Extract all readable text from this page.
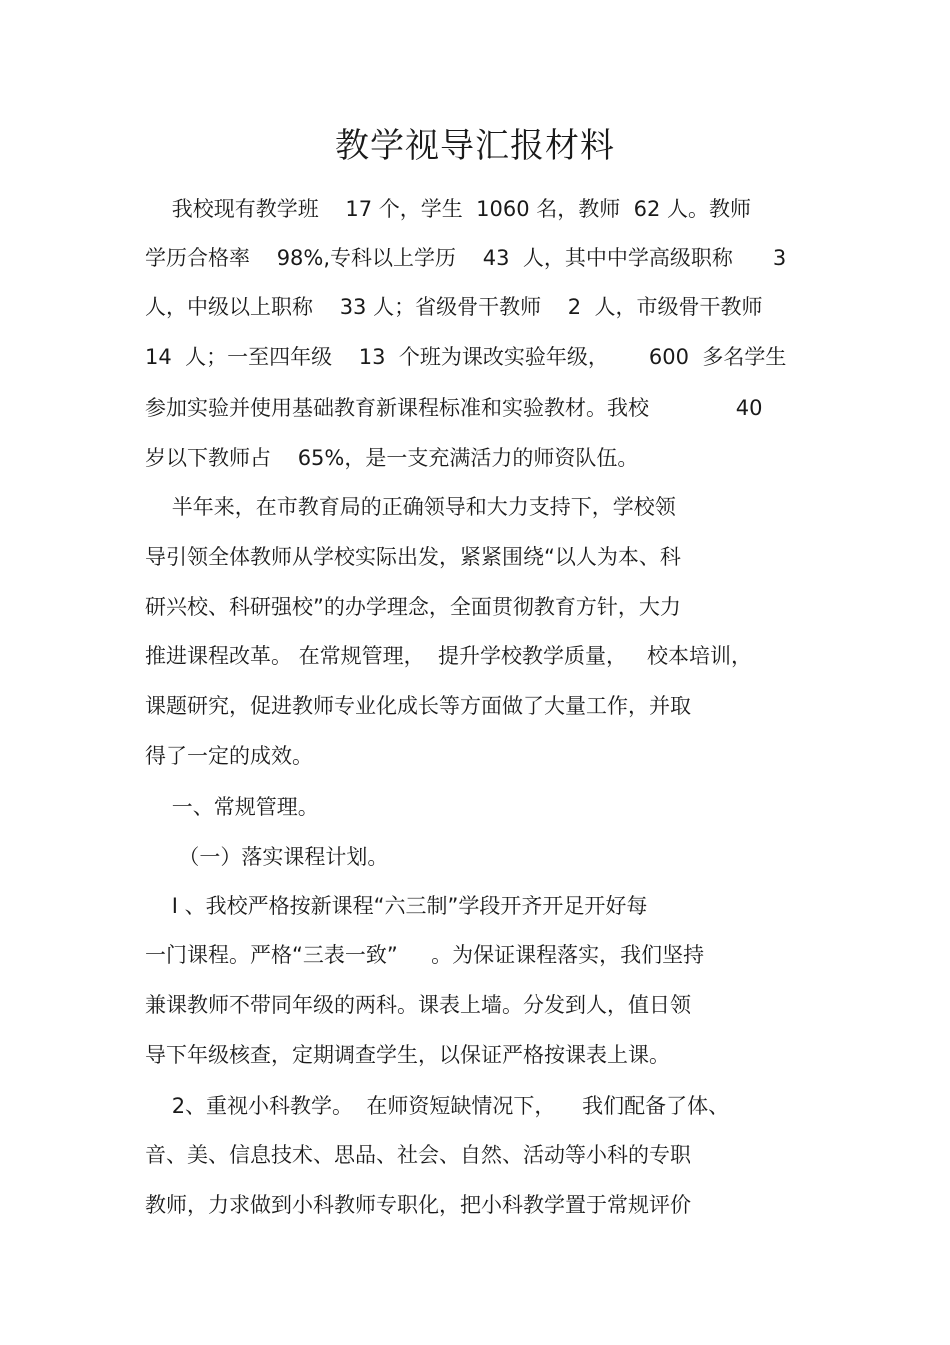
教学视导汇报材料

我校现有教学班    17 个，学生  1060 名，教师  62 人。教师

学历合格率    98%,专科以上学历    43  人，其中中学高级职称      3

人，中级以上职称    33 人；省级骨干教师    2  人，市级骨干教师

14  人；一至四年级    13  个班为课改实验年级，      600  多名学生

参加实验并使用基础教育新课程标准和实验教材。我校             40

岁以下教师占    65%，是一支充满活力的师资队伍。

半年来，在市教育局的正确领导和大力支持下，学校领

导引领全体教师从学校实际出发，紧紧围绕“以人为本、科

研兴校、科研强校”的办学理念，全面贯彻教育方针，大力

推进课程改革。 在常规管理，  提升学校教学质量，   校本培训，

课题研究，促进教师专业化成长等方面做了大量工作，并取

得了一定的成效。

一、常规管理。

（一）落实课程计划。

I 、我校严格按新课程“六三制”学段开齐开足开好每

一门课程。严格“三表一致”     。为保证课程落实，我们坚持

兼课教师不带同年级的两科。课表上墙。分发到人，值日领

导下年级核查，定期调查学生，以保证严格按课表上课。

2、重视小科教学。  在师资短缺情况下，    我们配备了体、

音、美、信息技术、思品、社会、自然、活动等小科的专职

教师，力求做到小科教师专职化，把小科教学置于常规评价
